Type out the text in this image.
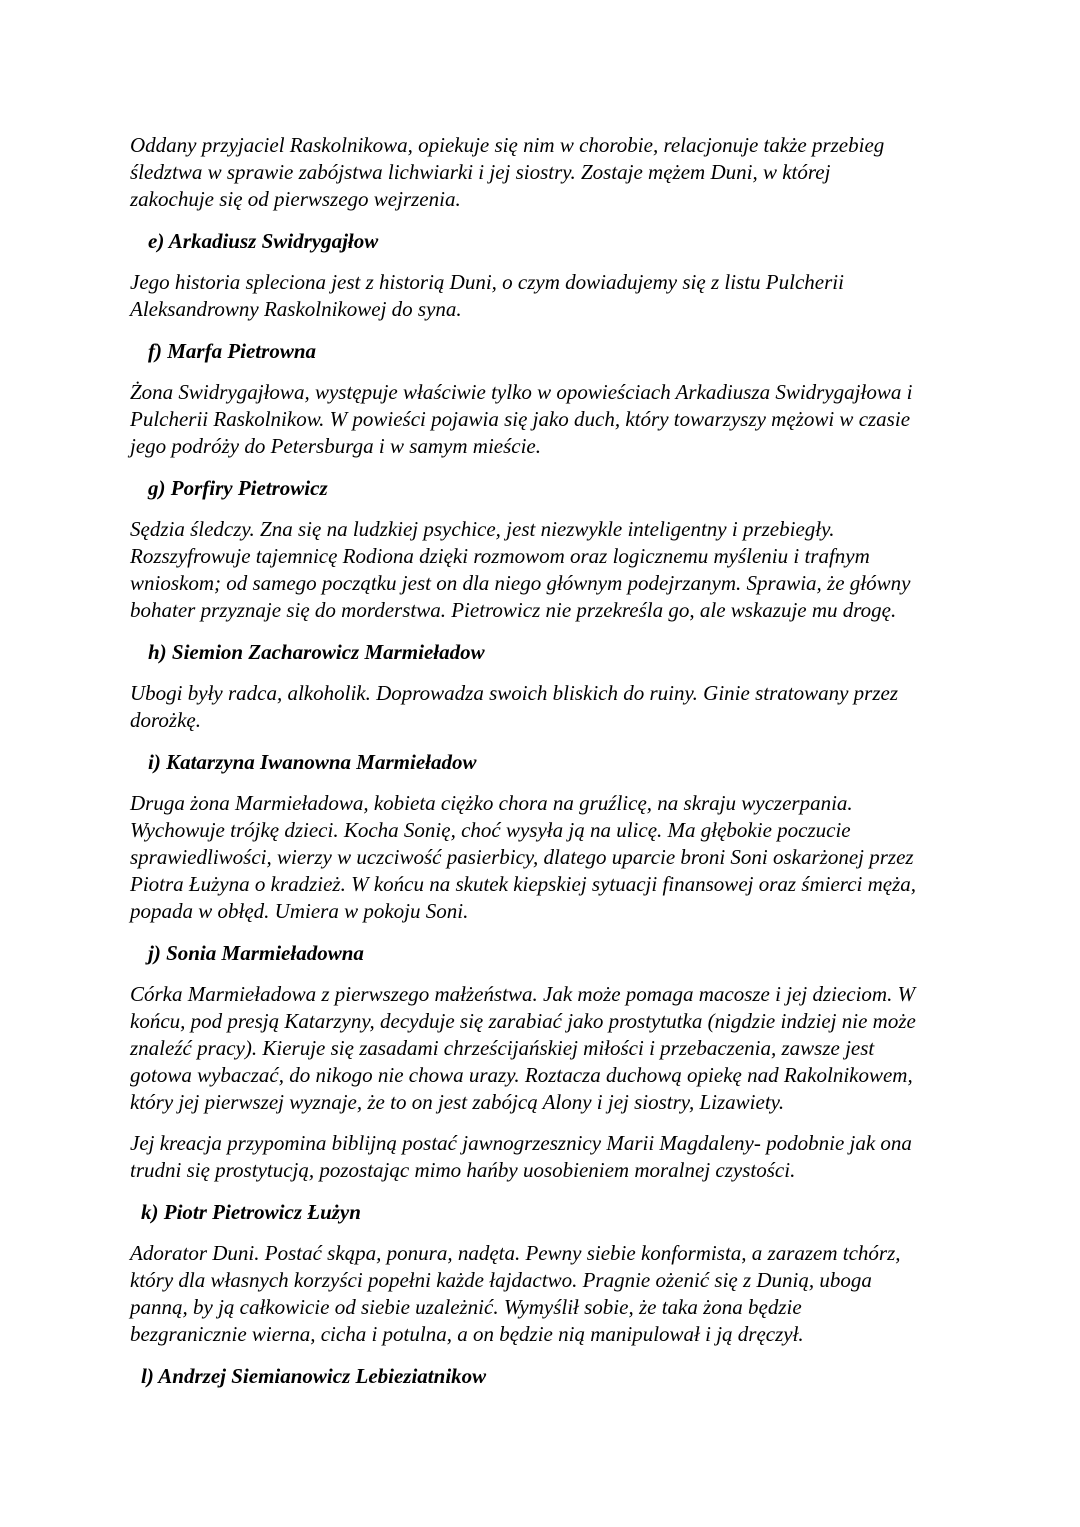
Oddany przyjaciel Raskolnikowa, opiekuje się nim w chorobie, relacjonuje także przebieg
śledztwa w sprawie zabójstwa lichwiarki i jej siostry. Zostaje mężem Duni, w której
zakochuje się od pierwszego wejrzenia.
e) Arkadiusz Swidrygajłow
Jego historia spleciona jest z historią Duni, o czym dowiadujemy się z listu Pulcherii
Aleksandrowny Raskolnikowej do syna.
f) Marfa Pietrowna
Żona Swidrygajłowa, występuje właściwie tylko w opowieściach Arkadiusza Swidrygajłowa i
Pulcherii Raskolnikow. W powieści pojawia się jako duch, który towarzyszy mężowi w czasie
jego podróży do Petersburga i w samym mieście.
g) Porfiry Pietrowicz
Sędzia śledczy. Zna się na ludzkiej psychice, jest niezwykle inteligentny i przebiegły.
Rozszyfrowuje tajemnicę Rodiona dzięki rozmowom oraz logicznemu myśleniu i trafnym
wnioskom; od samego początku jest on dla niego głównym podejrzanym. Sprawia, że główny
bohater przyznaje się do morderstwa. Pietrowicz nie przekreśla go, ale wskazuje mu drogę.
h) Siemion Zacharowicz Marmieładow
Ubogi były radca, alkoholik. Doprowadza swoich bliskich do ruiny. Ginie stratowany przez
dorożkę.
i) Katarzyna Iwanowna Marmieładow
Druga żona Marmieładowa, kobieta ciężko chora na gruźlicę, na skraju wyczerpania.
Wychowuje trójkę dzieci. Kocha Sonię, choć wysyła ją na ulicę. Ma głębokie poczucie
sprawiedliwości, wierzy w uczciwość pasierbicy, dlatego uparcie broni Soni oskarżonej przez
Piotra Łużyna o kradzież. W końcu na skutek kiepskiej sytuacji finansowej oraz śmierci męża,
popada w obłęd. Umiera w pokoju Soni.
j) Sonia Marmieładowna
Córka Marmieładowa z pierwszego małżeństwa. Jak może pomaga macosze i jej dzieciom. W
końcu, pod presją Katarzyny, decyduje się zarabiać jako prostytutka (nigdzie indziej nie może
znaleźć pracy). Kieruje się zasadami chrześcijańskiej miłości i przebaczenia, zawsze jest
gotowa wybaczać, do nikogo nie chowa urazy. Roztacza duchową opiekę nad Rakolnikowem,
który jej pierwszej wyznaje, że to on jest zabójcą Alony i jej siostry, Lizawiety.
Jej kreacja przypomina biblijną postać jawnogrzesznicy Marii Magdaleny- podobnie jak ona
trudni się prostytucją, pozostając mimo hańby uosobieniem moralnej czystości.
k) Piotr Pietrowicz Łużyn
Adorator Duni. Postać skąpa, ponura, nadęta. Pewny siebie konformista, a zarazem tchórz,
który dla własnych korzyści popełni każde łajdactwo. Pragnie ożenić się z Dunią, uboga
panną, by ją całkowicie od siebie uzależnić. Wymyślił sobie, że taka żona będzie
bezgranicznie wierna, cicha i potulna, a on będzie nią manipulował i ją dręczył.
l) Andrzej Siemianowicz Lebieziatnikow
